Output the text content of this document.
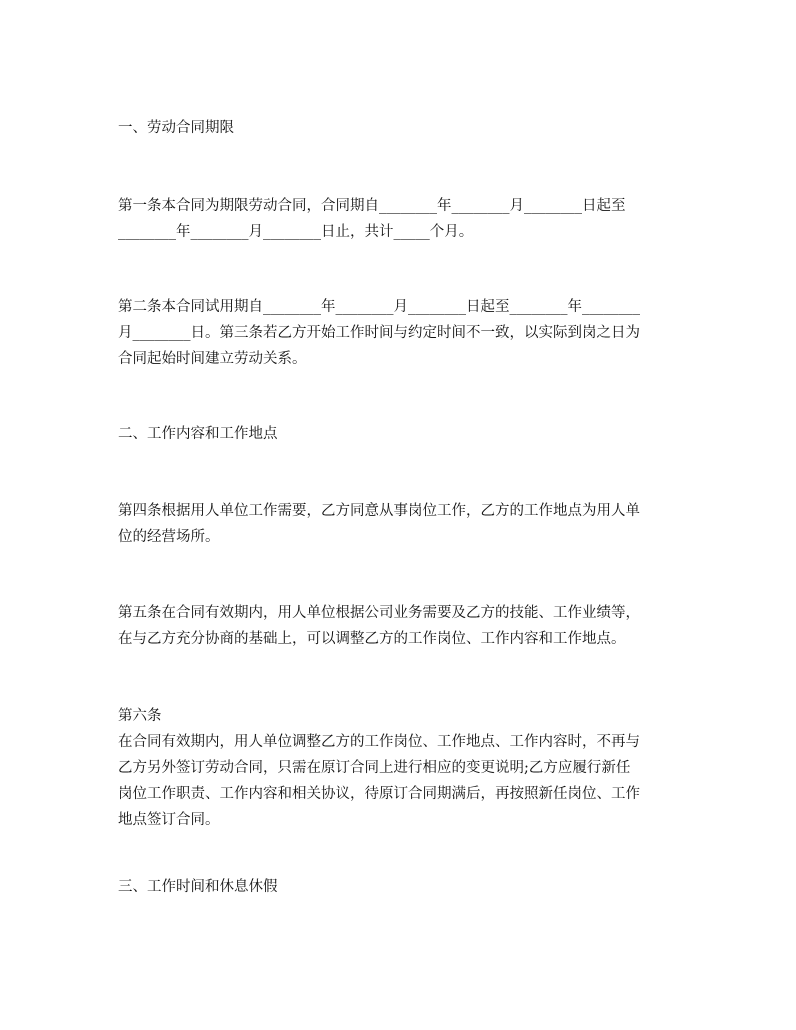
一、劳动合同期限

第一条本合同为期限劳动合同，合同期自________年________月________日起至
________年________月________日止，共计_____个月。

第二条本合同试用期自________年________月________日起至________年________
月________日。第三条若乙方开始工作时间与约定时间不一致，以实际到岗之日为
合同起始时间建立劳动关系。

二、工作内容和工作地点

第四条根据用人单位工作需要，乙方同意从事岗位工作，乙方的工作地点为用人单
位的经营场所。

第五条在合同有效期内，用人单位根据公司业务需要及乙方的技能、工作业绩等，
在与乙方充分协商的基础上，可以调整乙方的工作岗位、工作内容和工作地点。

第六条
在合同有效期内，用人单位调整乙方的工作岗位、工作地点、工作内容时，不再与
乙方另外签订劳动合同，只需在原订合同上进行相应的变更说明;乙方应履行新任
岗位工作职责、工作内容和相关协议，待原订合同期满后，再按照新任岗位、工作
地点签订合同。

三、工作时间和休息休假
